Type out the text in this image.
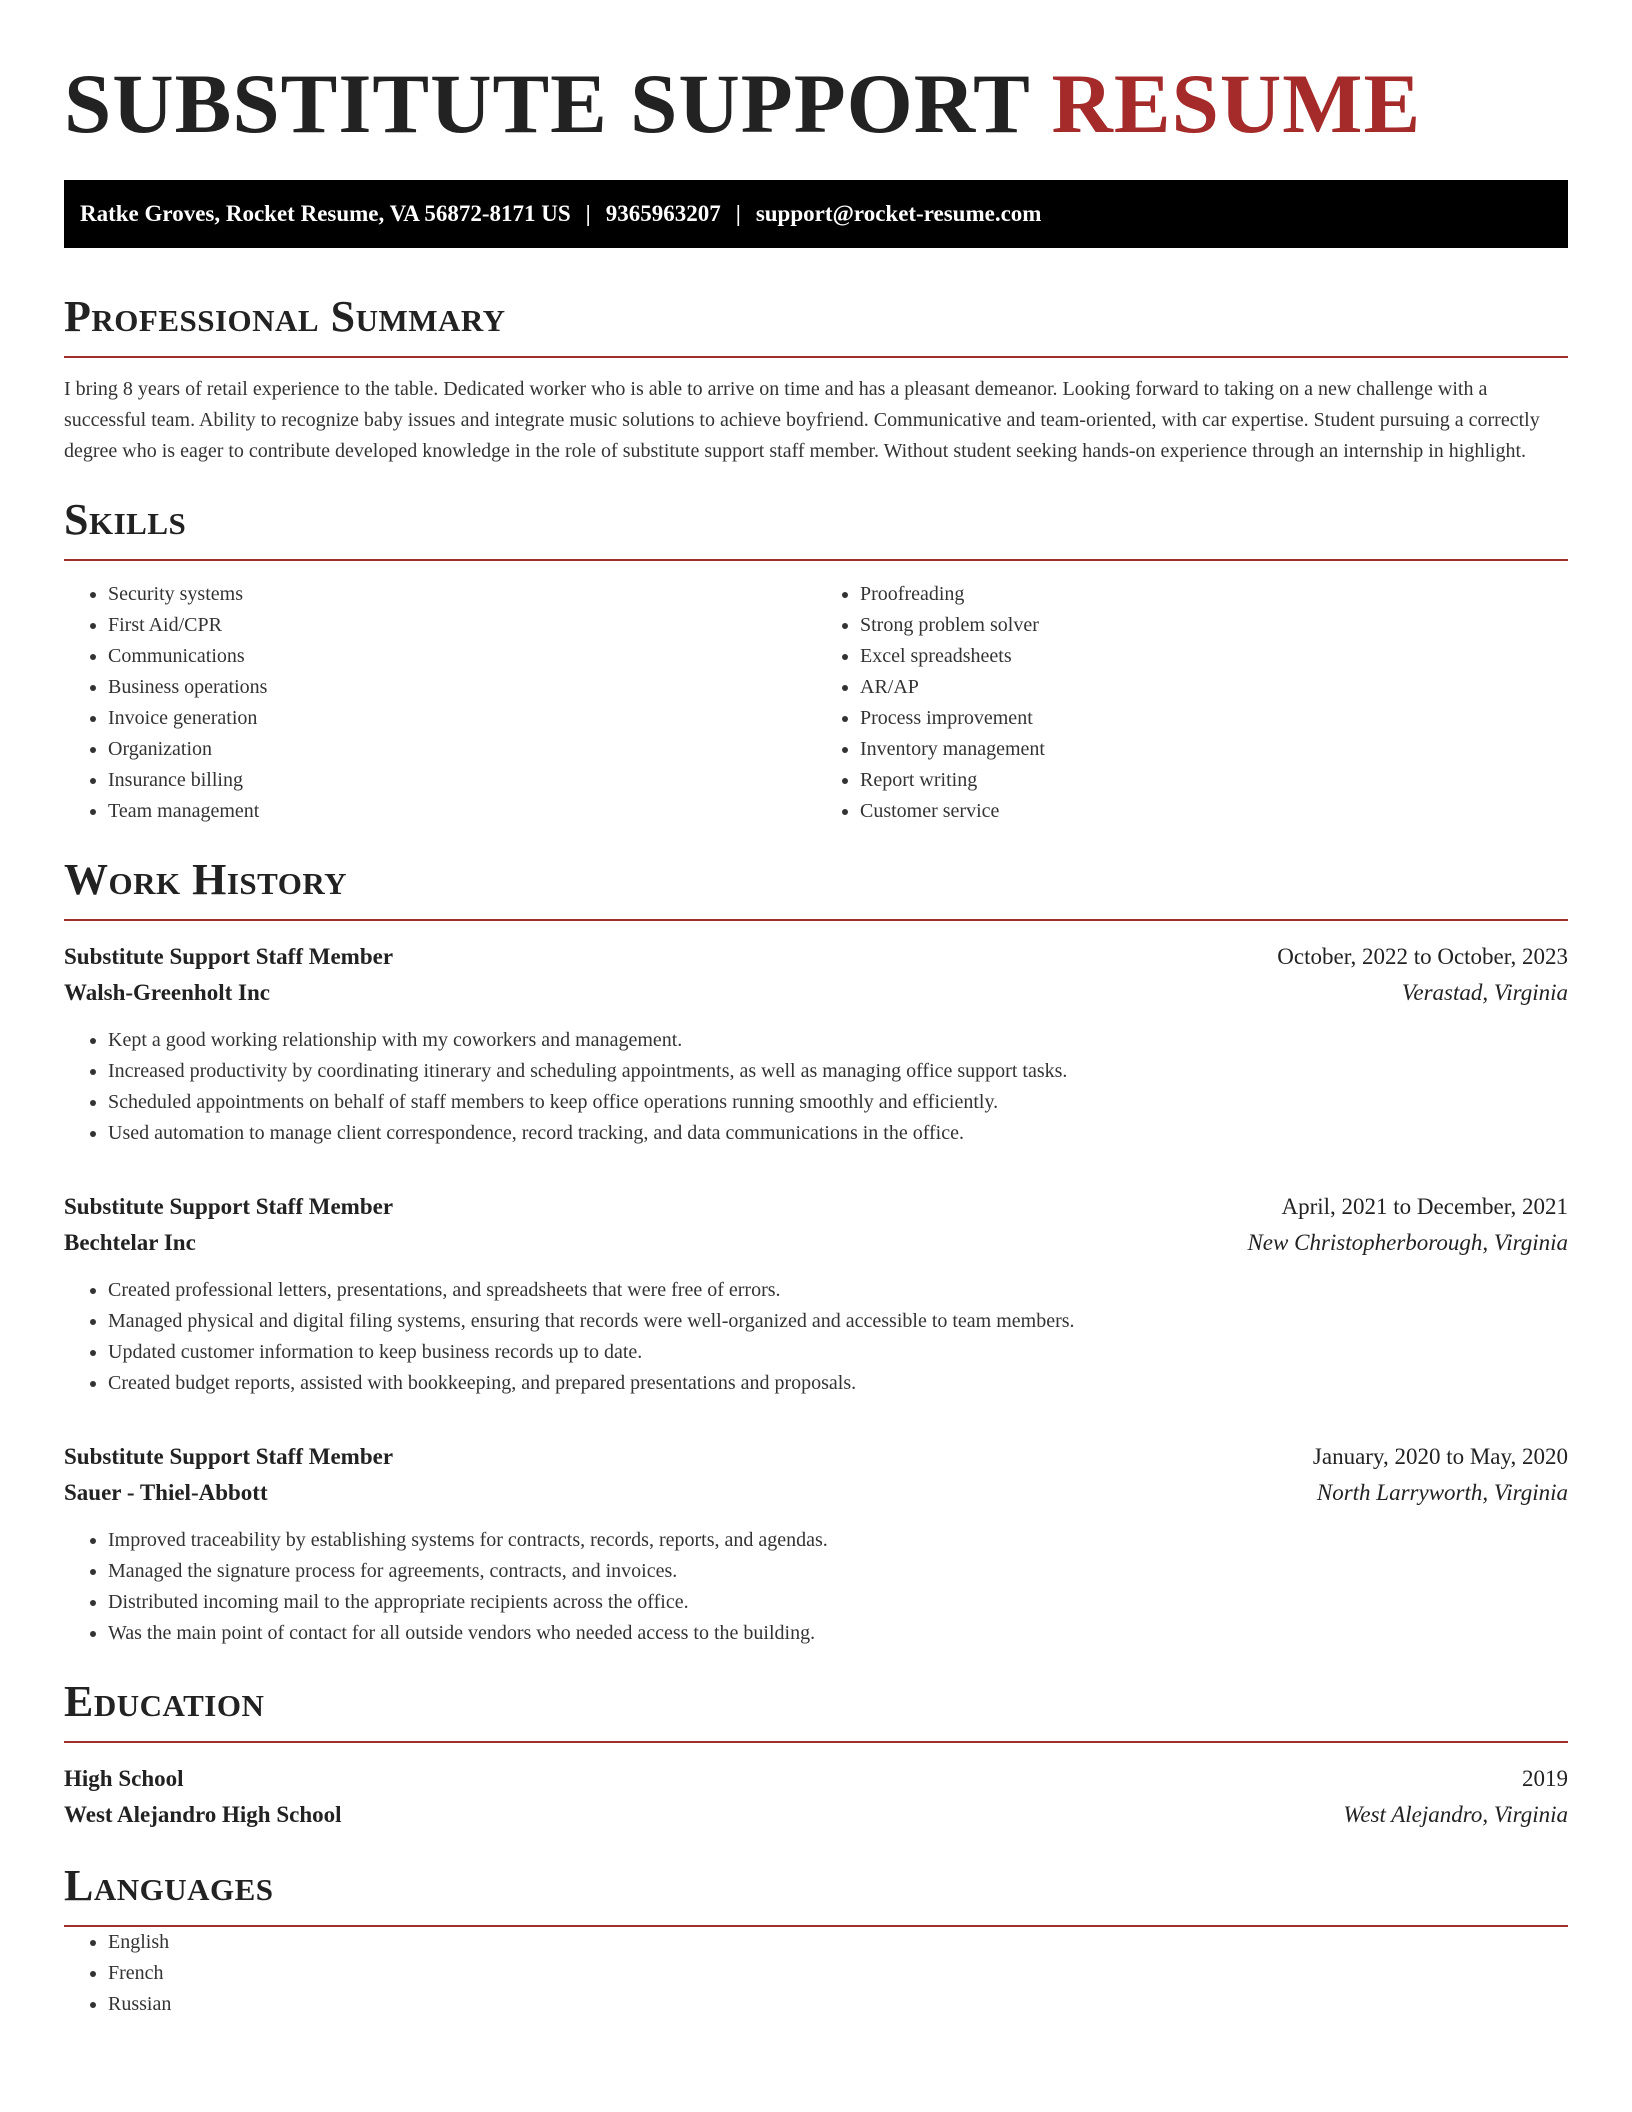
SUBSTITUTE SUPPORT RESUME
Ratke Groves, Rocket Resume, VA 56872-8171 US | 9365963207 | support@rocket-resume.com
Professional Summary

I bring 8 years of retail experience to the table. Dedicated worker who is able to arrive on time and has a pleasant demeanor. Looking forward to taking on a new challenge with a successful team. Ability to recognize baby issues and integrate music solutions to achieve boyfriend. Communicative and team-oriented, with car expertise. Student pursuing a correctly degree who is eager to contribute developed knowledge in the role of substitute support staff member. Without student seeking hands-on experience through an internship in highlight.

Skills
• Security systems
• First Aid/CPR
• Communications
• Business operations
• Invoice generation
• Organization
• Insurance billing
• Team management
• Proofreading
• Strong problem solver
• Excel spreadsheets
• AR/AP
• Process improvement
• Inventory management
• Report writing
• Customer service
Work History
Substitute Support Staff Member	October, 2022 to October, 2023
Walsh-Greenholt Inc	Verastad, Virginia
• Kept a good working relationship with my coworkers and management.
• Increased productivity by coordinating itinerary and scheduling appointments, as well as managing office support tasks.
• Scheduled appointments on behalf of staff members to keep office operations running smoothly and efficiently.
• Used automation to manage client correspondence, record tracking, and data communications in the office.
Substitute Support Staff Member	April, 2021 to December, 2021
Bechtelar Inc	New Christopherborough, Virginia
• Created professional letters, presentations, and spreadsheets that were free of errors.
• Managed physical and digital filing systems, ensuring that records were well-organized and accessible to team members.
• Updated customer information to keep business records up to date.
• Created budget reports, assisted with bookkeeping, and prepared presentations and proposals.
Substitute Support Staff Member	January, 2020 to May, 2020
Sauer - Thiel-Abbott	North Larryworth, Virginia
• Improved traceability by establishing systems for contracts, records, reports, and agendas.
• Managed the signature process for agreements, contracts, and invoices.
• Distributed incoming mail to the appropriate recipients across the office.
• Was the main point of contact for all outside vendors who needed access to the building.
Education
High School	2019
West Alejandro High School	West Alejandro, Virginia
Languages
• English
• French
• Russian
